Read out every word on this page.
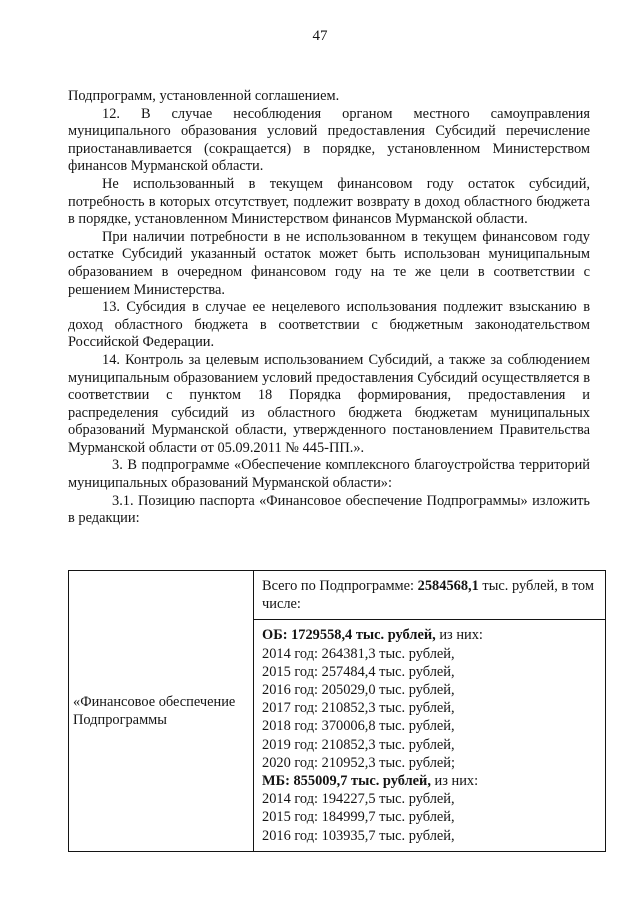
47

Подпрограмм, установленной соглашением.

12. В случае несоблюдения органом местного самоуправления муниципального образования условий предоставления Субсидий перечисление приостанавливается (сокращается) в порядке, установленном Министерством финансов Мурманской области.

Не использованный в текущем финансовом году остаток субсидий, потребность в которых отсутствует, подлежит возврату в доход областного бюджета в порядке, установленном Министерством финансов Мурманской области.

При наличии потребности в не использованном в текущем финансовом году остатке Субсидий указанный остаток может быть использован муниципальным образованием в очередном финансовом году на те же цели в соответствии с решением Министерства.

13. Субсидия в случае ее нецелевого использования подлежит взысканию в доход областного бюджета в соответствии с бюджетным законодательством Российской Федерации.

14. Контроль за целевым использованием Субсидий, а также за соблюдением муниципальным образованием условий предоставления Субсидий осуществляется в соответствии с пунктом 18 Порядка формирования, предоставления и распределения субсидий из областного бюджета бюджетам муниципальных образований Мурманской области, утвержденного постановлением Правительства Мурманской области от 05.09.2011 № 445-ПП.».

3. В подпрограмме «Обеспечение комплексного благоустройства территорий муниципальных образований Мурманской области»:

3.1. Позицию паспорта «Финансовое обеспечение Подпрограммы» изложить в редакции:

«Финансовое обеспечение Подпрограммы	Всего по Подпрограмме: 2584568,1 тыс. рублей, в том числе:

ОБ: 1729558,4 тыс. рублей, из них:
2014 год: 264381,3 тыс. рублей,
2015 год: 257484,4 тыс. рублей,
2016 год: 205029,0 тыс. рублей,
2017 год: 210852,3 тыс. рублей,
2018 год: 370006,8 тыс. рублей,
2019 год: 210852,3 тыс. рублей,
2020 год: 210952,3 тыс. рублей;
МБ: 855009,7 тыс. рублей, из них:
2014 год: 194227,5 тыс. рублей,
2015 год: 184999,7 тыс. рублей,
2016 год: 103935,7 тыс. рублей,
